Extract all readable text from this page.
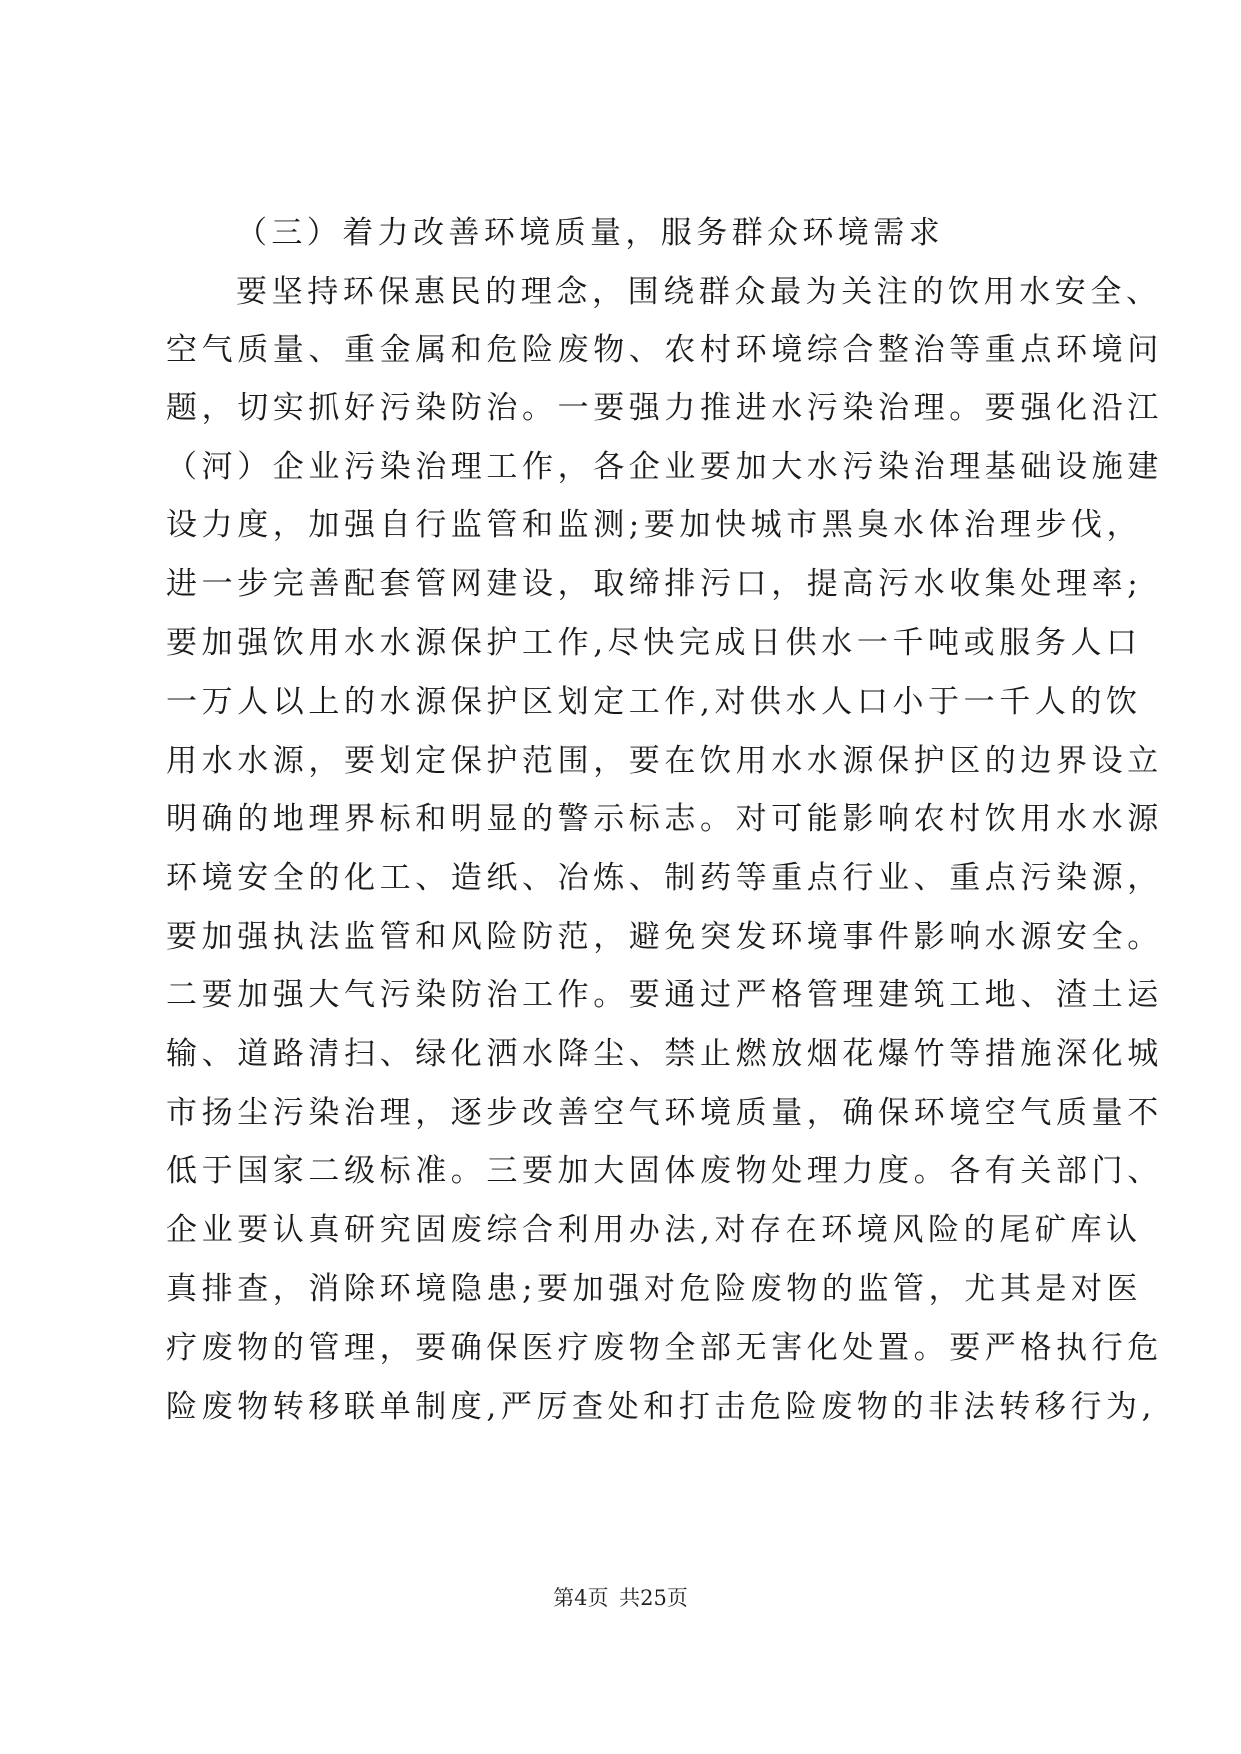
（三）着力改善环境质量，服务群众环境需求
要坚持环保惠民的理念，围绕群众最为关注的饮用水安全、
空气质量、重金属和危险废物、农村环境综合整治等重点环境问
题，切实抓好污染防治。一要强力推进水污染治理。要强化沿江
（河）企业污染治理工作，各企业要加大水污染治理基础设施建
设力度，加强自行监管和监测;要加快城市黑臭水体治理步伐，
进一步完善配套管网建设，取缔排污口，提高污水收集处理率;
要加强饮用水水源保护工作,尽快完成日供水一千吨或服务人口
一万人以上的水源保护区划定工作,对供水人口小于一千人的饮
用水水源，要划定保护范围，要在饮用水水源保护区的边界设立
明确的地理界标和明显的警示标志。对可能影响农村饮用水水源
环境安全的化工、造纸、冶炼、制药等重点行业、重点污染源，
要加强执法监管和风险防范，避免突发环境事件影响水源安全。
二要加强大气污染防治工作。要通过严格管理建筑工地、渣土运
输、道路清扫、绿化洒水降尘、禁止燃放烟花爆竹等措施深化城
市扬尘污染治理，逐步改善空气环境质量，确保环境空气质量不
低于国家二级标准。三要加大固体废物处理力度。各有关部门、
企业要认真研究固废综合利用办法,对存在环境风险的尾矿库认
真排查，消除环境隐患;要加强对危险废物的监管，尤其是对医
疗废物的管理，要确保医疗废物全部无害化处置。要严格执行危
险废物转移联单制度,严厉查处和打击危险废物的非法转移行为,
第4页 共25页
